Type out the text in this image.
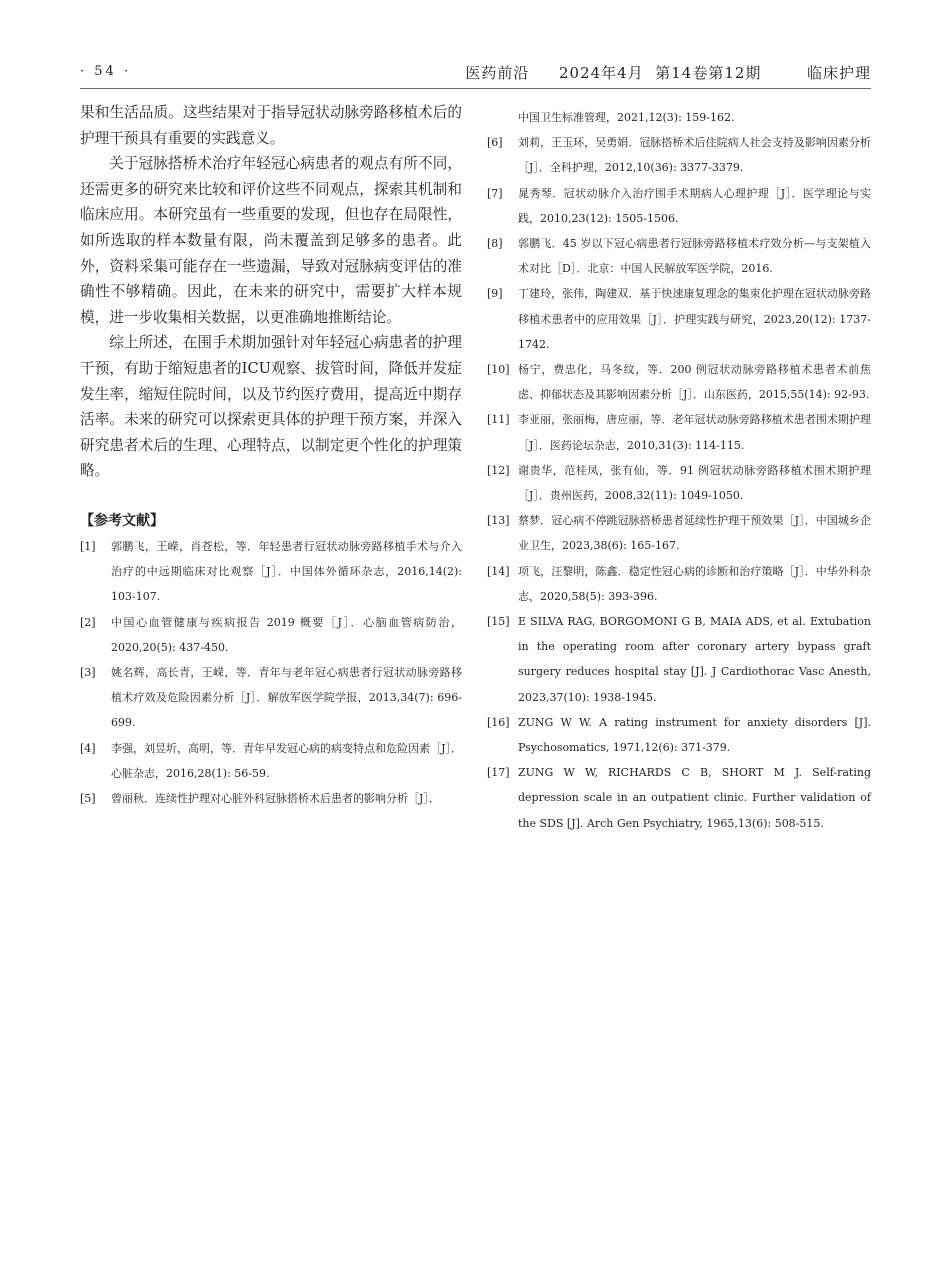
· 54 ·	医药前沿 2024年4月  第14卷第12期	临床护理

果和生活品质。这些结果对于指导冠状动脉旁路移植术后的护理干预具有重要的实践意义。

关于冠脉搭桥术治疗年轻冠心病患者的观点有所不同，还需更多的研究来比较和评价这些不同观点，探索其机制和临床应用。本研究虽有一些重要的发现，但也存在局限性，如所选取的样本数量有限，尚未覆盖到足够多的患者。此外，资料采集可能存在一些遗漏，导致对冠脉病变评估的准确性不够精确。因此，在未来的研究中，需要扩大样本规模，进一步收集相关数据，以更准确地推断结论。

综上所述，在围手术期加强针对年轻冠心病患者的护理干预，有助于缩短患者的ICU观察、拔管时间，降低并发症发生率，缩短住院时间，以及节约医疗费用，提高近中期存活率。未来的研究可以探索更具体的护理干预方案，并深入研究患者术后的生理、心理特点，以制定更个性化的护理策略。

【参考文献】
[1] 郭鹏飞，王嵘，肖苍松，等．年轻患者行冠状动脉旁路移植手术与介入治疗的中远期临床对比观察［J］．中国体外循环杂志，2016,14(2): 103-107.
[2] 中国心血管健康与疾病报告 2019 概要［J］．心脑血管病防治，2020,20(5): 437-450.
[3] 姚名辉，高长青，王嵘，等．青年与老年冠心病患者行冠状动脉旁路移植术疗效及危险因素分析［J］．解放军医学院学报，2013,34(7): 696-699.
[4] 李强，刘昱圻，高明，等．青年早发冠心病的病变特点和危险因素［J］．心脏杂志，2016,28(1): 56-59.
[5] 曾丽秋．连续性护理对心脏外科冠脉搭桥术后患者的影响分析［J］．

中国卫生标准管理，2021,12(3): 159-162.

[6] 刘莉，王玉环，吴勇娟．冠脉搭桥术后住院病人社会支持及影响因素分析［J］．全科护理，2012,10(36): 3377-3379.
[7] 晁秀琴．冠状动脉介入治疗围手术期病人心理护理［J］．医学理论与实践，2010,23(12): 1505-1506.
[8] 郭鹏飞．45 岁以下冠心病患者行冠脉旁路移植术疗效分析—与支架植入术对比［D］．北京：中国人民解放军医学院，2016.
[9] 丁建玲，张伟，陶建双．基于快速康复理念的集束化护理在冠状动脉旁路移植术患者中的应用效果［J］．护理实践与研究，2023,20(12): 1737-1742.
[10] 杨宁，费忠化，马冬纹，等．200 例冠状动脉旁路移植术患者术前焦虑、抑郁状态及其影响因素分析［J］．山东医药，2015,55(14): 92-93.
[11] 李亚丽，张丽梅，唐应丽，等．老年冠状动脉旁路移植术患者围术期护理［J］．医药论坛杂志，2010,31(3): 114-115.
[12] 谢贵华，范桂凤，张有仙，等．91 例冠状动脉旁路移植术围术期护理［J］．贵州医药，2008,32(11): 1049-1050.
[13] 蔡梦．冠心病不停跳冠脉搭桥患者延续性护理干预效果［J］．中国城乡企业卫生，2023,38(6): 165-167.
[14] 项飞，汪黎明，陈鑫．稳定性冠心病的诊断和治疗策略［J］．中华外科杂志，2020,58(5): 393-396.
[15] E SILVA RAG, BORGOMONI G B, MAIA ADS, et al. Extubation in the operating room after coronary artery bypass graft surgery reduces hospital stay [J]. J Cardiothorac Vasc Anesth, 2023,37(10): 1938-1945.
[16] ZUNG W W. A rating instrument for anxiety disorders [J]. Psychosomatics, 1971,12(6): 371-379.
[17] ZUNG W W, RICHARDS C B, SHORT M J. Self-rating depression scale in an outpatient clinic. Further validation of the SDS [J]. Arch Gen Psychiatry, 1965,13(6): 508-515.
